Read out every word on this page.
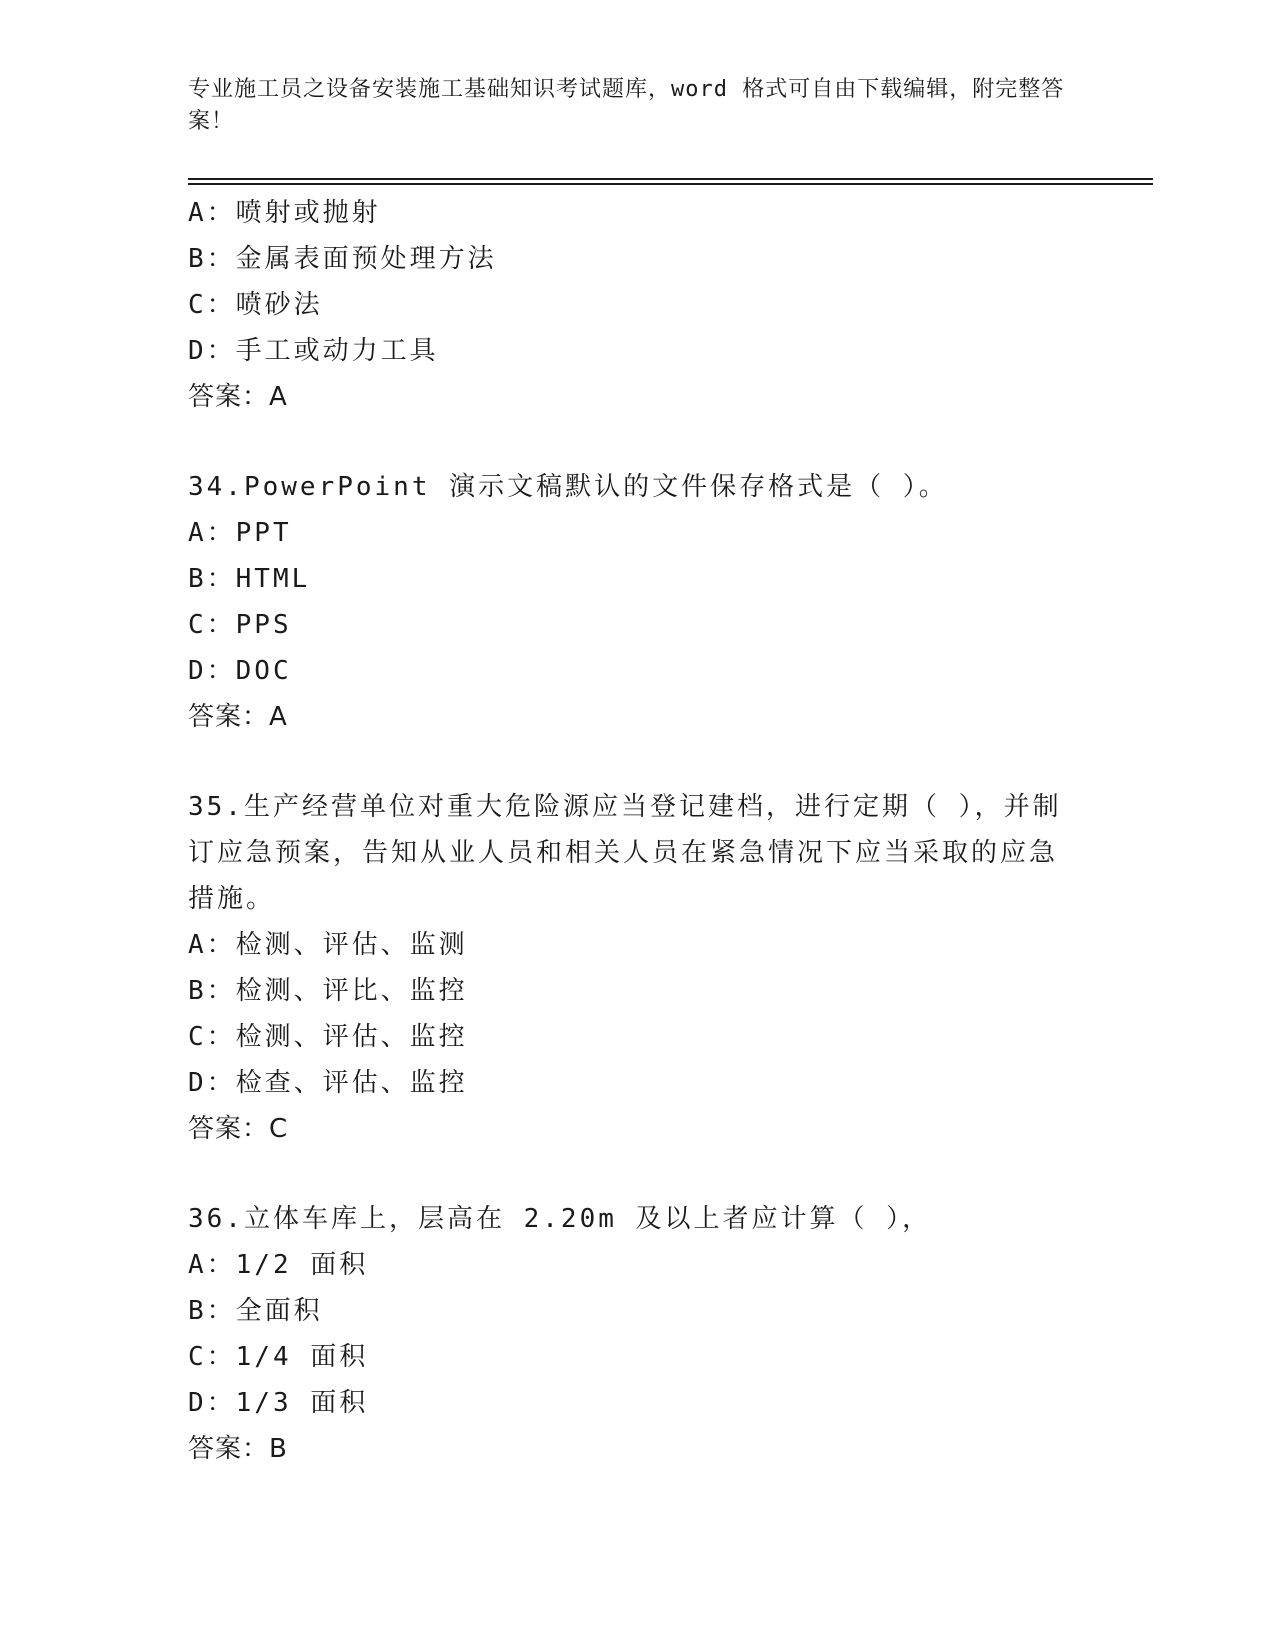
专业施工员之设备安装施工基础知识考试题库，word 格式可自由下载编辑，附完整答案！
A：喷射或抛射
B：金属表面预处理方法
C：喷砂法
D：手工或动力工具
答案：A
34.PowerPoint 演示文稿默认的文件保存格式是（ ）。
A：PPT
B：HTML
C：PPS
D：DOC
答案：A
35.生产经营单位对重大危险源应当登记建档，进行定期（ ），并制订应急预案，告知从业人员和相关人员在紧急情况下应当采取的应急措施。
A：检测、评估、监测
B：检测、评比、监控
C：检测、评估、监控
D：检查、评估、监控
答案：C
36.立体车库上，层高在 2.20m 及以上者应计算（ ），
A：1/2 面积
B：全面积
C：1/4 面积
D：1/3 面积
答案：B
